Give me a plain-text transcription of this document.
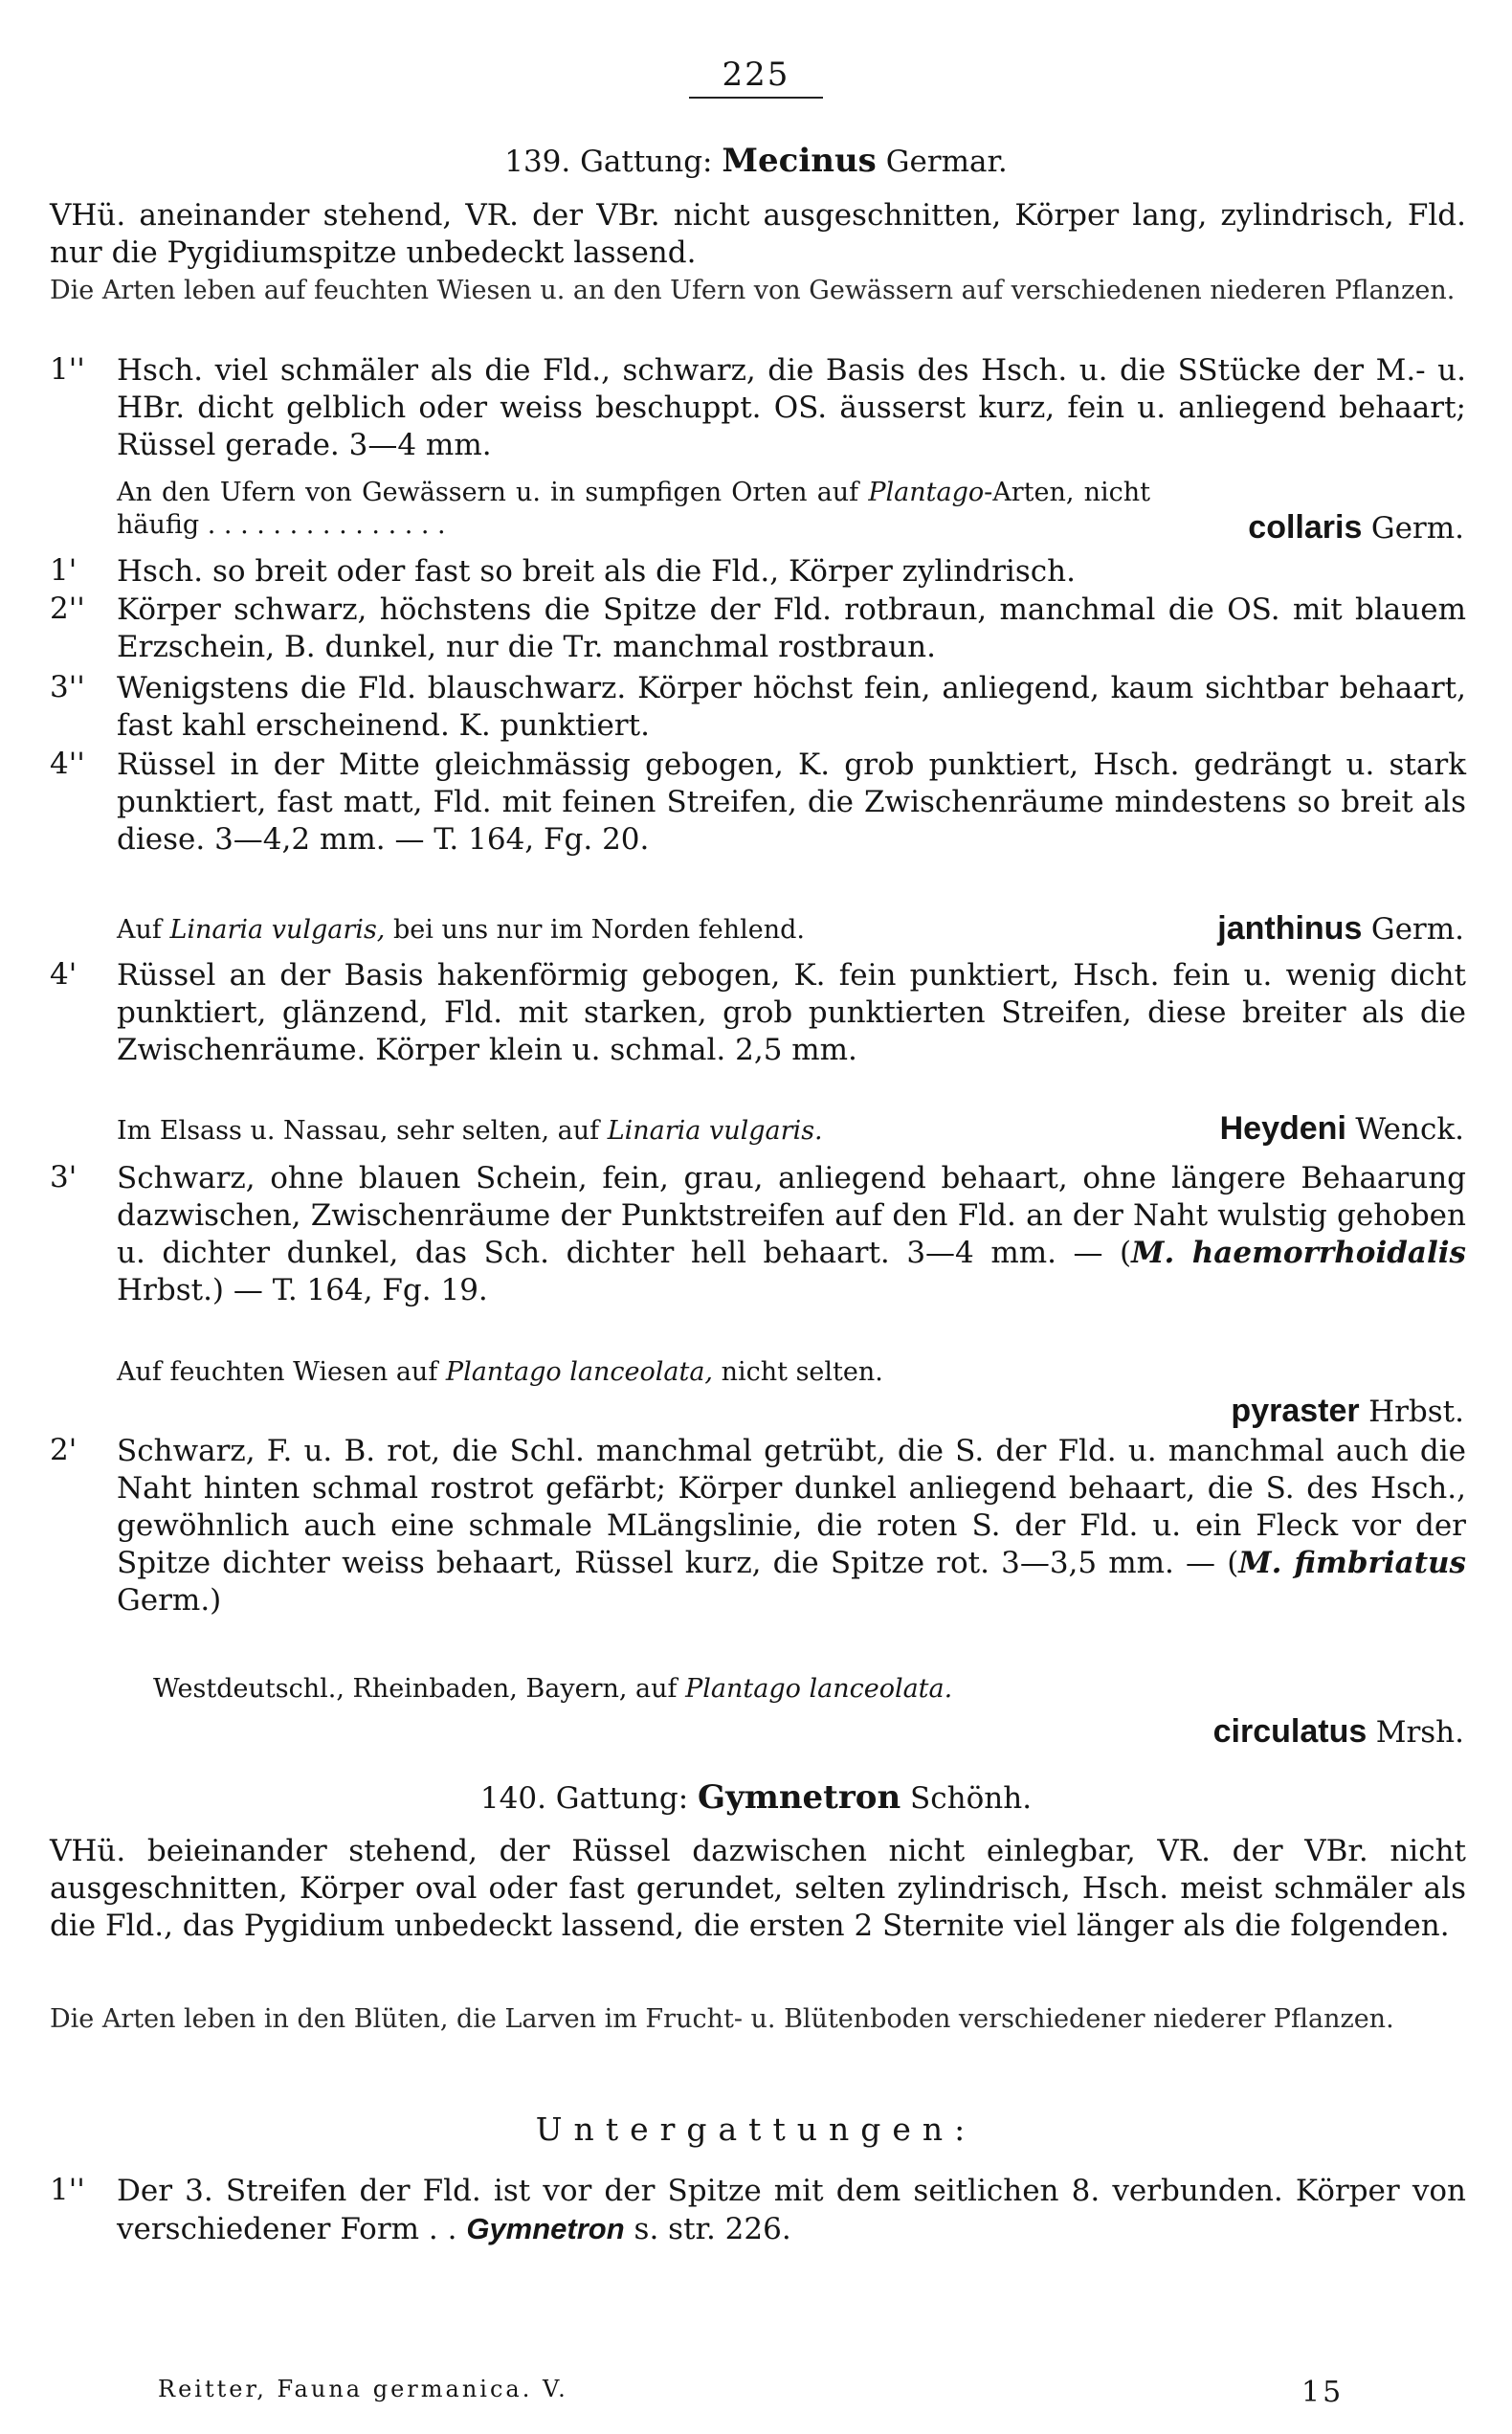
225
139. Gattung: Mecinus Germar.
VHü. aneinander stehend, VR. der VBr. nicht ausgeschnitten, Körper lang, zylindrisch, Fld. nur die Pygidiumspitze unbedeckt lassend.
Die Arten leben auf feuchten Wiesen u. an den Ufern von Gewässern auf verschiedenen niederen Pflanzen.
1''	Hsch. viel schmäler als die Fld., schwarz, die Basis des Hsch. u. die SStücke der M.- u. HBr. dicht gelblich oder weiss beschuppt. OS. äusserst kurz, fein u. anliegend behaart; Rüssel gerade. 3—4 mm.
An den Ufern von Gewässern u. in sumpfigen Orten auf Plantago-Arten, nicht häufig . . . . . . . . . . . . . . .	collaris Germ.
1'	Hsch. so breit oder fast so breit als die Fld., Körper zylindrisch.
2''	Körper schwarz, höchstens die Spitze der Fld. rotbraun, manchmal die OS. mit blauem Erzschein, B. dunkel, nur die Tr. manchmal rostbraun.
3''	Wenigstens die Fld. blauschwarz. Körper höchst fein, anliegend, kaum sichtbar behaart, fast kahl erscheinend. K. punktiert.
4''	Rüssel in der Mitte gleichmässig gebogen, K. grob punktiert, Hsch. gedrängt u. stark punktiert, fast matt, Fld. mit feinen Streifen, die Zwischenräume mindestens so breit als diese. 3—4,2 mm. — T. 164, Fg. 20.
Auf Linaria vulgaris, bei uns nur im Norden fehlend.	janthinus Germ.
4'	Rüssel an der Basis hakenförmig gebogen, K. fein punktiert, Hsch. fein u. wenig dicht punktiert, glänzend, Fld. mit starken, grob punktierten Streifen, diese breiter als die Zwischenräume. Körper klein u. schmal. 2,5 mm.
Im Elsass u. Nassau, sehr selten, auf Linaria vulgaris.	Heydeni Wenck.
3'	Schwarz, ohne blauen Schein, fein, grau, anliegend behaart, ohne längere Behaarung dazwischen, Zwischenräume der Punktstreifen auf den Fld. an der Naht wulstig gehoben u. dichter dunkel, das Sch. dichter hell behaart. 3—4 mm. — (M. haemorrhoidalis Hrbst.) — T. 164, Fg. 19.
Auf feuchten Wiesen auf Plantago lanceolata, nicht selten.
pyraster Hrbst.
2'	Schwarz, F. u. B. rot, die Schl. manchmal getrübt, die S. der Fld. u. manchmal auch die Naht hinten schmal rostrot gefärbt; Körper dunkel anliegend behaart, die S. des Hsch., gewöhnlich auch eine schmale MLängslinie, die roten S. der Fld. u. ein Fleck vor der Spitze dichter weiss behaart, Rüssel kurz, die Spitze rot. 3—3,5 mm. — (M. fimbriatus Germ.)
Westdeutschl., Rheinbaden, Bayern, auf Plantago lanceolata.
circulatus Mrsh.
140. Gattung: Gymnetron Schönh.
VHü. beieinander stehend, der Rüssel dazwischen nicht einlegbar, VR. der VBr. nicht ausgeschnitten, Körper oval oder fast gerundet, selten zylindrisch, Hsch. meist schmäler als die Fld., das Pygidium unbedeckt lassend, die ersten 2 Sternite viel länger als die folgenden.
Die Arten leben in den Blüten, die Larven im Frucht- u. Blütenboden verschiedener niederer Pflanzen.
Untergattungen:
1''	Der 3. Streifen der Fld. ist vor der Spitze mit dem seitlichen 8. verbunden. Körper von verschiedener Form . . Gymnetron s. str. 226.
Reitter, Fauna germanica. V.	15
